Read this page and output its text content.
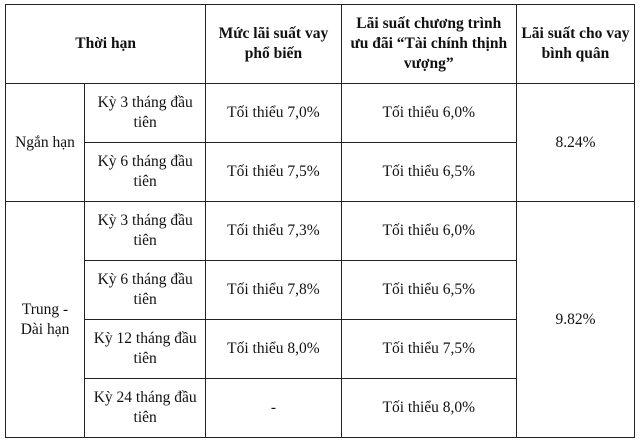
Thời hạn		Mức lãi suất vay phổ biến	Lãi suất chương trình ưu đãi “Tài chính thịnh vượng”	Lãi suất cho vay bình quân
Ngắn hạn	Kỳ 3 tháng đầu tiên	Tối thiểu 7,0%	Tối thiểu 6,0%	8.24%
	Kỳ 6 tháng đầu tiên	Tối thiểu 7,5%	Tối thiểu 6,5%	
Trung - Dài hạn	Kỳ 3 tháng đầu tiên	Tối thiểu 7,3%	Tối thiểu 6,0%	9.82%
	Kỳ 6 tháng đầu tiên	Tối thiểu 7,8%	Tối thiểu 6,5%	
	Kỳ 12 tháng đầu tiên	Tối thiểu 8,0%	Tối thiểu 7,5%	
	Kỳ 24 tháng đầu tiên	-	Tối thiểu 8,0%	
